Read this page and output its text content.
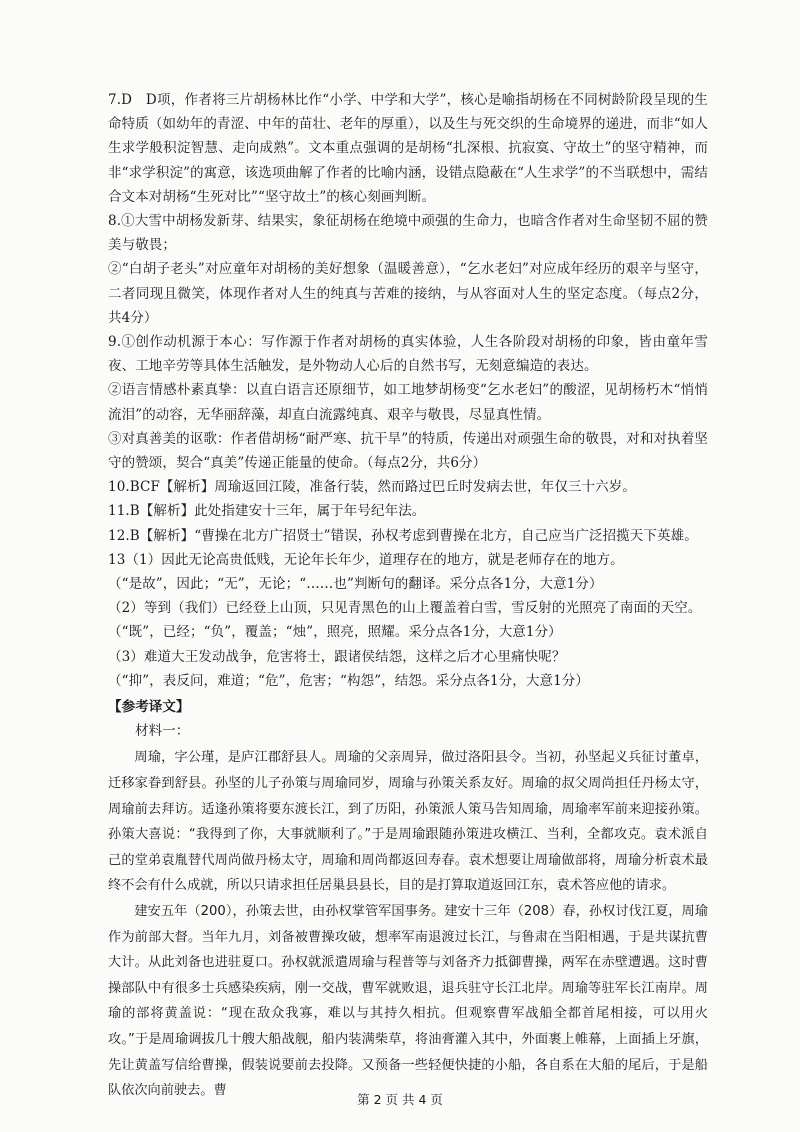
7.D　D项，作者将三片胡杨林比作“小学、中学和大学”，核心是喻指胡杨在不同树龄阶段呈现的生命特质（如幼年的青涩、中年的苗壮、老年的厚重），以及生与死交织的生命境界的递进，而非“如人生求学般积淀智慧、走向成熟”。文本重点强调的是胡杨“扎深根、抗寂寞、守故土”的坚守精神，而非“求学积淀”的寓意，该选项曲解了作者的比喻内涵，设错点隐蔽在“人生求学”的不当联想中，需结合文本对胡杨“生死对比”“坚守故土”的核心刻画判断。

8.①大雪中胡杨发新芽、结果实，象征胡杨在绝境中顽强的生命力，也暗含作者对生命坚韧不屈的赞美与敬畏；

②“白胡子老头”对应童年对胡杨的美好想象（温暖善意），“乞水老妇”对应成年经历的艰辛与坚守，二者同现且微笑，体现作者对人生的纯真与苦难的接纳，与从容面对人生的坚定态度。（每点2分，共4分）

9.①创作动机源于本心：写作源于作者对胡杨的真实体验，人生各阶段对胡杨的印象，皆由童年雪夜、工地辛劳等具体生活触发，是外物动人心后的自然书写，无刻意编造的表达。

②语言情感朴素真挚：以直白语言还原细节，如工地梦胡杨变“乞水老妇”的酸涩，见胡杨朽木“悄悄流泪”的动容，无华丽辞藻，却直白流露纯真、艰辛与敬畏，尽显真性情。

③对真善美的讴歌：作者借胡杨“耐严寒、抗干旱”的特质，传递出对顽强生命的敬畏，对和对执着坚守的赞颂，契合“真美”传递正能量的使命。（每点2分，共6分）

10.BCF【解析】周瑜返回江陵，准备行装，然而路过巴丘时发病去世，年仅三十六岁。

11.B【解析】此处指建安十三年，属于年号纪年法。

12.B【解析】“曹操在北方广招贤士”错误，孙权考虑到曹操在北方，自己应当广泛招揽天下英雄。

13（1）因此无论高贵低贱，无论年长年少，道理存在的地方，就是老师存在的地方。

（“是故”，因此；“无”，无论；“……也”判断句的翻译。采分点各1分，大意1分）

（2）等到（我们）已经登上山顶，只见青黑色的山上覆盖着白雪，雪反射的光照亮了南面的天空。

（“既”，已经；“负”，覆盖；“烛”，照亮，照耀。采分点各1分，大意1分）

（3）难道大王发动战争，危害将士，跟诸侯结怨，这样之后才心里痛快呢？

（“抑”，表反问，难道；“危”，危害；“构怨”，结怨。采分点各1分，大意1分）

【参考译文】

材料一：

周瑜，字公瑾，是庐江郡舒县人。周瑜的父亲周异，做过洛阳县令。当初，孙坚起义兵征讨董卓，迁移家眷到舒县。孙坚的儿子孙策与周瑜同岁，周瑜与孙策关系友好。周瑜的叔父周尚担任丹杨太守，周瑜前去拜访。适逢孙策将要东渡长江，到了历阳，孙策派人策马告知周瑜，周瑜率军前来迎接孙策。孙策大喜说：“我得到了你，大事就顺利了。”于是周瑜跟随孙策进攻横江、当利，全都攻克。袁术派自己的堂弟袁胤替代周尚做丹杨太守，周瑜和周尚都返回寿春。袁术想要让周瑜做部将，周瑜分析袁术最终不会有什么成就，所以只请求担任居巢县县长，目的是打算取道返回江东，袁术答应他的请求。

建安五年（200），孙策去世，由孙权掌管军国事务。建安十三年（208）春，孙权讨伐江夏，周瑜作为前部大督。当年九月，刘备被曹操攻破，想率军南退渡过长江，与鲁肃在当阳相遇，于是共谋抗曹大计。从此刘备也进驻夏口。孙权就派遣周瑜与程普等与刘备齐力抵御曹操，两军在赤壁遭遇。这时曹操部队中有很多士兵感染疾病，刚一交战，曹军就败退，退兵驻守长江北岸。周瑜等驻军长江南岸。周瑜的部将黄盖说：“现在敌众我寡，难以与其持久相抗。但观察曹军战船全都首尾相接，可以用火攻。”于是周瑜调拔几十艘大船战舰，船内装满柴草，将油膏灌入其中，外面裹上帷幕，上面插上牙旗，先让黄盖写信给曹操，假装说要前去投降。又预备一些轻便快捷的小船，各自系在大船的尾后，于是船队依次向前驶去。曹

第 2 页 共 4 页
